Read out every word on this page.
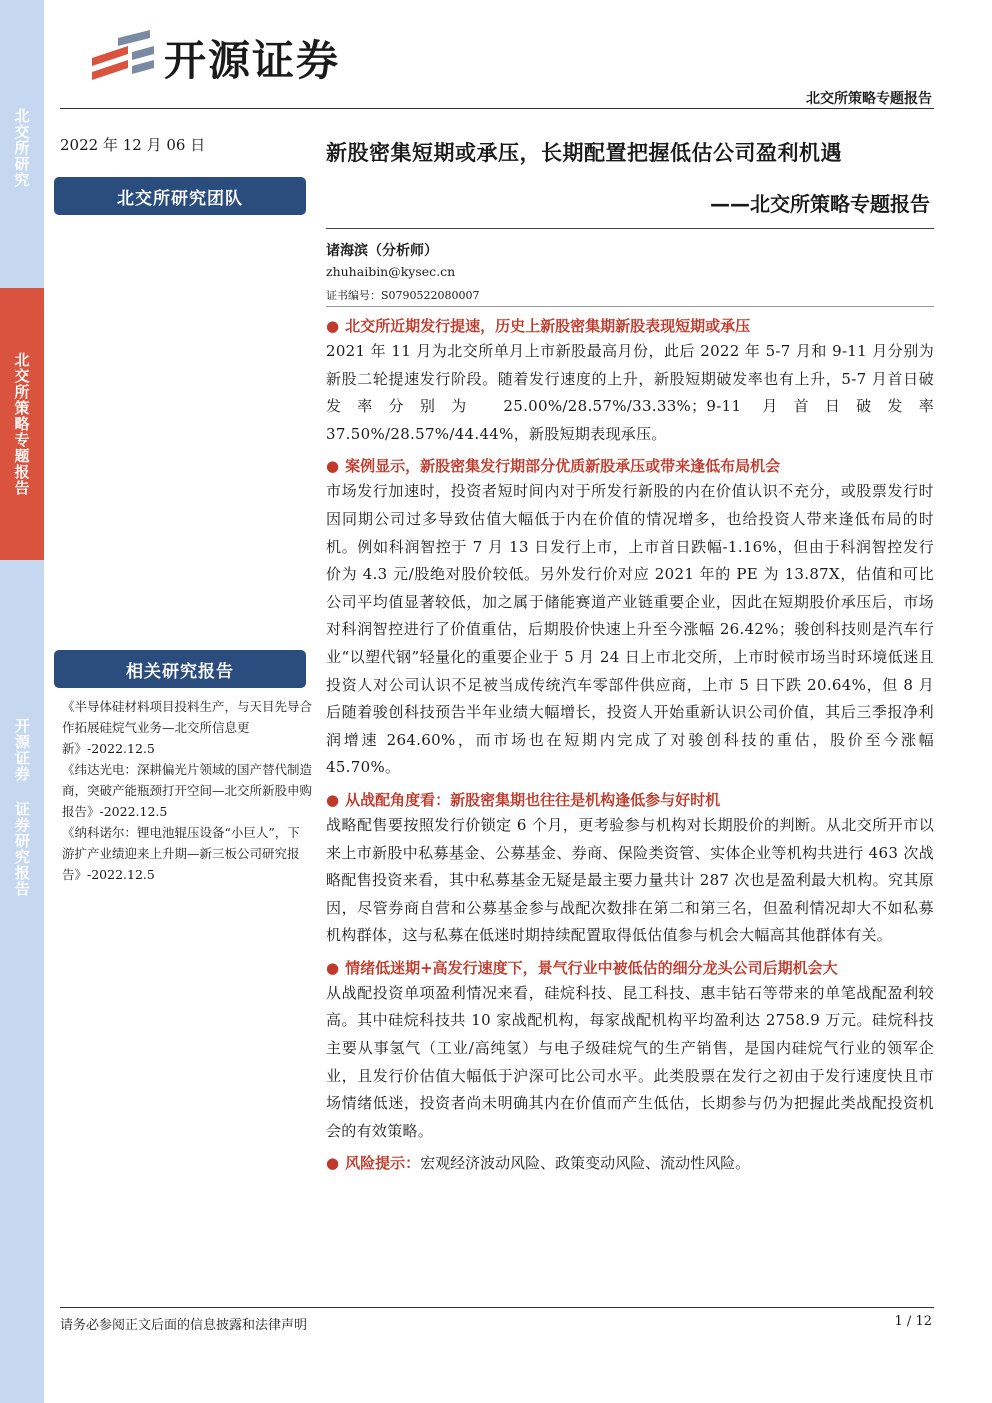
北交所研究
北交所策略专题报告
开源证券 证券研究报告
开源证券
北交所策略专题报告
2022 年 12 月 06 日
北交所研究团队
新股密集短期或承压，长期配置把握低估公司盈利机遇
——北交所策略专题报告
诸海滨（分析师）
zhuhaibin@kysec.cn
证书编号：S0790522080007

● 北交所近期发行提速，历史上新股密集期新股表现短期或承压

2021 年 11 月为北交所单月上市新股最高月份，此后 2022 年 5-7 月和 9-11 月分别为新股二轮提速发行阶段。随着发行速度的上升，新股短期破发率也有上升，5-7 月首日破发率分别为 25.00%/28.57%/33.33%；9-11 月首日破发率 37.50%/28.57%/44.44%，新股短期表现承压。

● 案例显示，新股密集发行期部分优质新股承压或带来逢低布局机会

市场发行加速时，投资者短时间内对于所发行新股的内在价值认识不充分，或股票发行时因同期公司过多导致估值大幅低于内在价值的情况增多，也给投资人带来逢低布局的时机。例如科润智控于 7 月 13 日发行上市，上市首日跌幅-1.16%，但由于科润智控发行价为 4.3 元/股绝对股价较低。另外发行价对应 2021 年的 PE 为 13.87X，估值和可比公司平均值显著较低，加之属于储能赛道产业链重要企业，因此在短期股价承压后，市场对科润智控进行了价值重估，后期股价快速上升至今涨幅 26.42%；骏创科技则是汽车行业“以塑代钢”轻量化的重要企业于 5 月 24 日上市北交所，上市时候市场当时环境低迷且投资人对公司认识不足被当成传统汽车零部件供应商，上市 5 日下跌 20.64%，但 8 月后随着骏创科技预告半年业绩大幅增长，投资人开始重新认识公司价值，其后三季报净利润增速 264.60%，而市场也在短期内完成了对骏创科技的重估，股价至今涨幅 45.70%。

● 从战配角度看：新股密集期也往往是机构逢低参与好时机

战略配售要按照发行价锁定 6 个月，更考验参与机构对长期股价的判断。从北交所开市以来上市新股中私募基金、公募基金、券商、保险类资管、实体企业等机构共进行 463 次战略配售投资来看，其中私募基金无疑是最主要力量共计 287 次也是盈利最大机构。究其原因，尽管券商自营和公募基金参与战配次数排在第二和第三名，但盈利情况却大不如私募机构群体，这与私募在低迷时期持续配置取得低估值参与机会大幅高其他群体有关。

● 情绪低迷期+高发行速度下，景气行业中被低估的细分龙头公司后期机会大

从战配投资单项盈利情况来看，硅烷科技、昆工科技、惠丰钻石等带来的单笔战配盈利较高。其中硅烷科技共 10 家战配机构，每家战配机构平均盈利达 2758.9 万元。硅烷科技主要从事氢气（工业/高纯氢）与电子级硅烷气的生产销售，是国内硅烷气行业的领军企业，且发行价估值大幅低于沪深可比公司水平。此类股票在发行之初由于发行速度快且市场情绪低迷，投资者尚未明确其内在价值而产生低估，长期参与仍为把握此类战配投资机会的有效策略。

● 风险提示：宏观经济波动风险、政策变动风险、流动性风险。

相关研究报告

《半导体硅材料项目投料生产，与天目先导合作拓展硅烷气业务—北交所信息更新》-2022.12.5

《纬达光电：深耕偏光片领域的国产替代制造商，突破产能瓶颈打开空间—北交所新股申购报告》-2022.12.5

《纳科诺尔：锂电池辊压设备“小巨人”，下游扩产业绩迎来上升期—新三板公司研究报告》-2022.12.5

请务必参阅正文后面的信息披露和法律声明	1 / 12
